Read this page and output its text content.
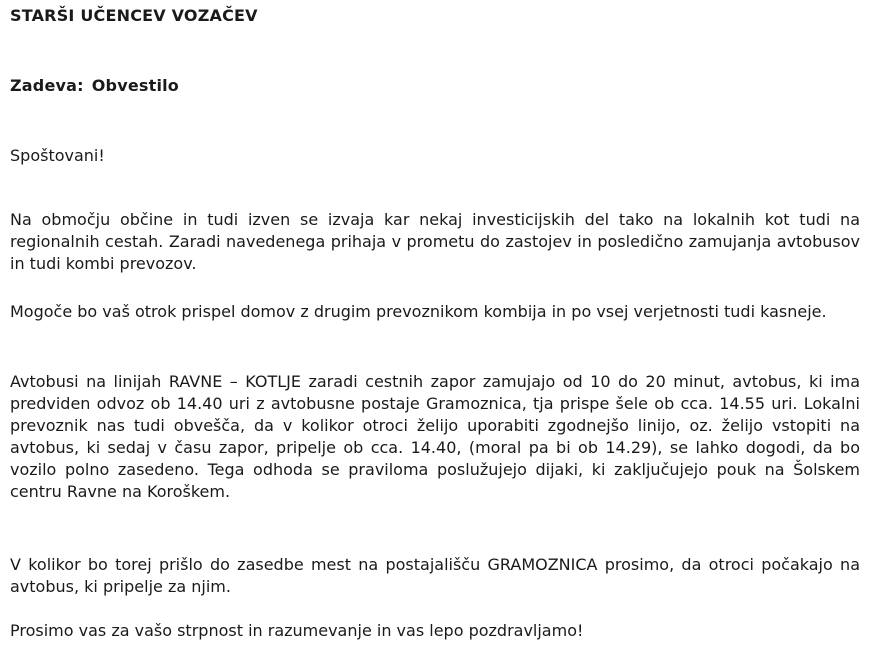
STARŠI UČENCEV VOZAČEV
Zadeva: Obvestilo

Spoštovani!

Na območju občine in tudi izven se izvaja kar nekaj investicijskih del tako na lokalnih kot tudi na regionalnih cestah. Zaradi navedenega prihaja v prometu do zastojev in posledično zamujanja avtobusov in tudi kombi prevozov.

Mogoče bo vaš otrok prispel domov z drugim prevoznikom kombija in po vsej verjetnosti tudi kasneje.

Avtobusi na linijah RAVNE – KOTLJE zaradi cestnih zapor zamujajo od 10 do 20 minut, avtobus, ki ima predviden odvoz ob 14.40 uri z avtobusne postaje Gramoznica, tja prispe šele ob cca. 14.55 uri. Lokalni prevoznik nas tudi obvešča, da v kolikor otroci želijo uporabiti zgodnejšo linijo, oz. želijo vstopiti na avtobus, ki sedaj v času zapor, pripelje ob cca. 14.40, (moral pa bi ob 14.29), se lahko dogodi, da bo vozilo polno zasedeno. Tega odhoda se praviloma poslužujejo dijaki, ki zaključujejo pouk na Šolskem centru Ravne na Koroškem.

V kolikor bo torej prišlo do zasedbe mest na postajališču GRAMOZNICA prosimo, da otroci počakajo na avtobus, ki pripelje za njim.

Prosimo vas za vašo strpnost in razumevanje in vas lepo pozdravljamo!
